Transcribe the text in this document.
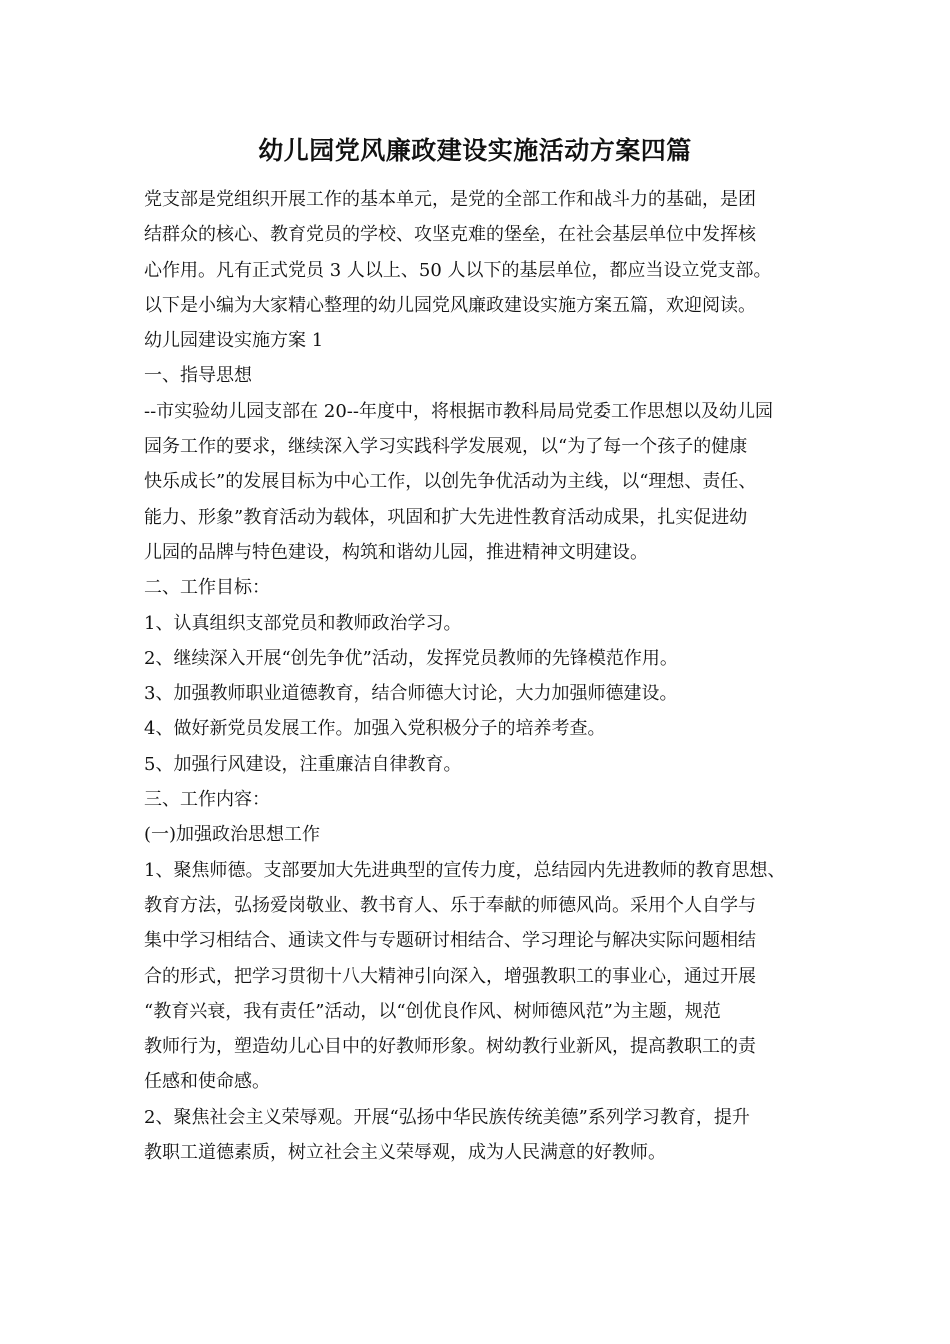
幼儿园党风廉政建设实施活动方案四篇
党支部是党组织开展工作的基本单元，是党的全部工作和战斗力的基础，是团
结群众的核心、教育党员的学校、攻坚克难的堡垒，在社会基层单位中发挥核
心作用。凡有正式党员 3 人以上、50 人以下的基层单位，都应当设立党支部。
以下是小编为大家精心整理的幼儿园党风廉政建设实施方案五篇，欢迎阅读。
幼儿园建设实施方案 1
一、指导思想
--市实验幼儿园支部在 20--年度中，将根据市教科局局党委工作思想以及幼儿园
园务工作的要求，继续深入学习实践科学发展观，以“为了每一个孩子的健康
快乐成长”的发展目标为中心工作，以创先争优活动为主线，以“理想、责任、
能力、形象”教育活动为载体，巩固和扩大先进性教育活动成果，扎实促进幼
儿园的品牌与特色建设，构筑和谐幼儿园，推进精神文明建设。
二、工作目标：
1、认真组织支部党员和教师政治学习。
2、继续深入开展“创先争优”活动，发挥党员教师的先锋模范作用。
3、加强教师职业道德教育，结合师德大讨论，大力加强师德建设。
4、做好新党员发展工作。加强入党积极分子的培养考查。
5、加强行风建设，注重廉洁自律教育。
三、工作内容：
(一)加强政治思想工作
1、聚焦师德。支部要加大先进典型的宣传力度，总结园内先进教师的教育思想、
教育方法，弘扬爱岗敬业、教书育人、乐于奉献的师德风尚。采用个人自学与
集中学习相结合、通读文件与专题研讨相结合、学习理论与解决实际问题相结
合的形式，把学习贯彻十八大精神引向深入，增强教职工的事业心，通过开展
“教育兴衰，我有责任”活动，以“创优良作风、树师德风范”为主题，规范
教师行为，塑造幼儿心目中的好教师形象。树幼教行业新风，提高教职工的责
任感和使命感。
2、聚焦社会主义荣辱观。开展“弘扬中华民族传统美德”系列学习教育，提升
教职工道德素质，树立社会主义荣辱观，成为人民满意的好教师。
